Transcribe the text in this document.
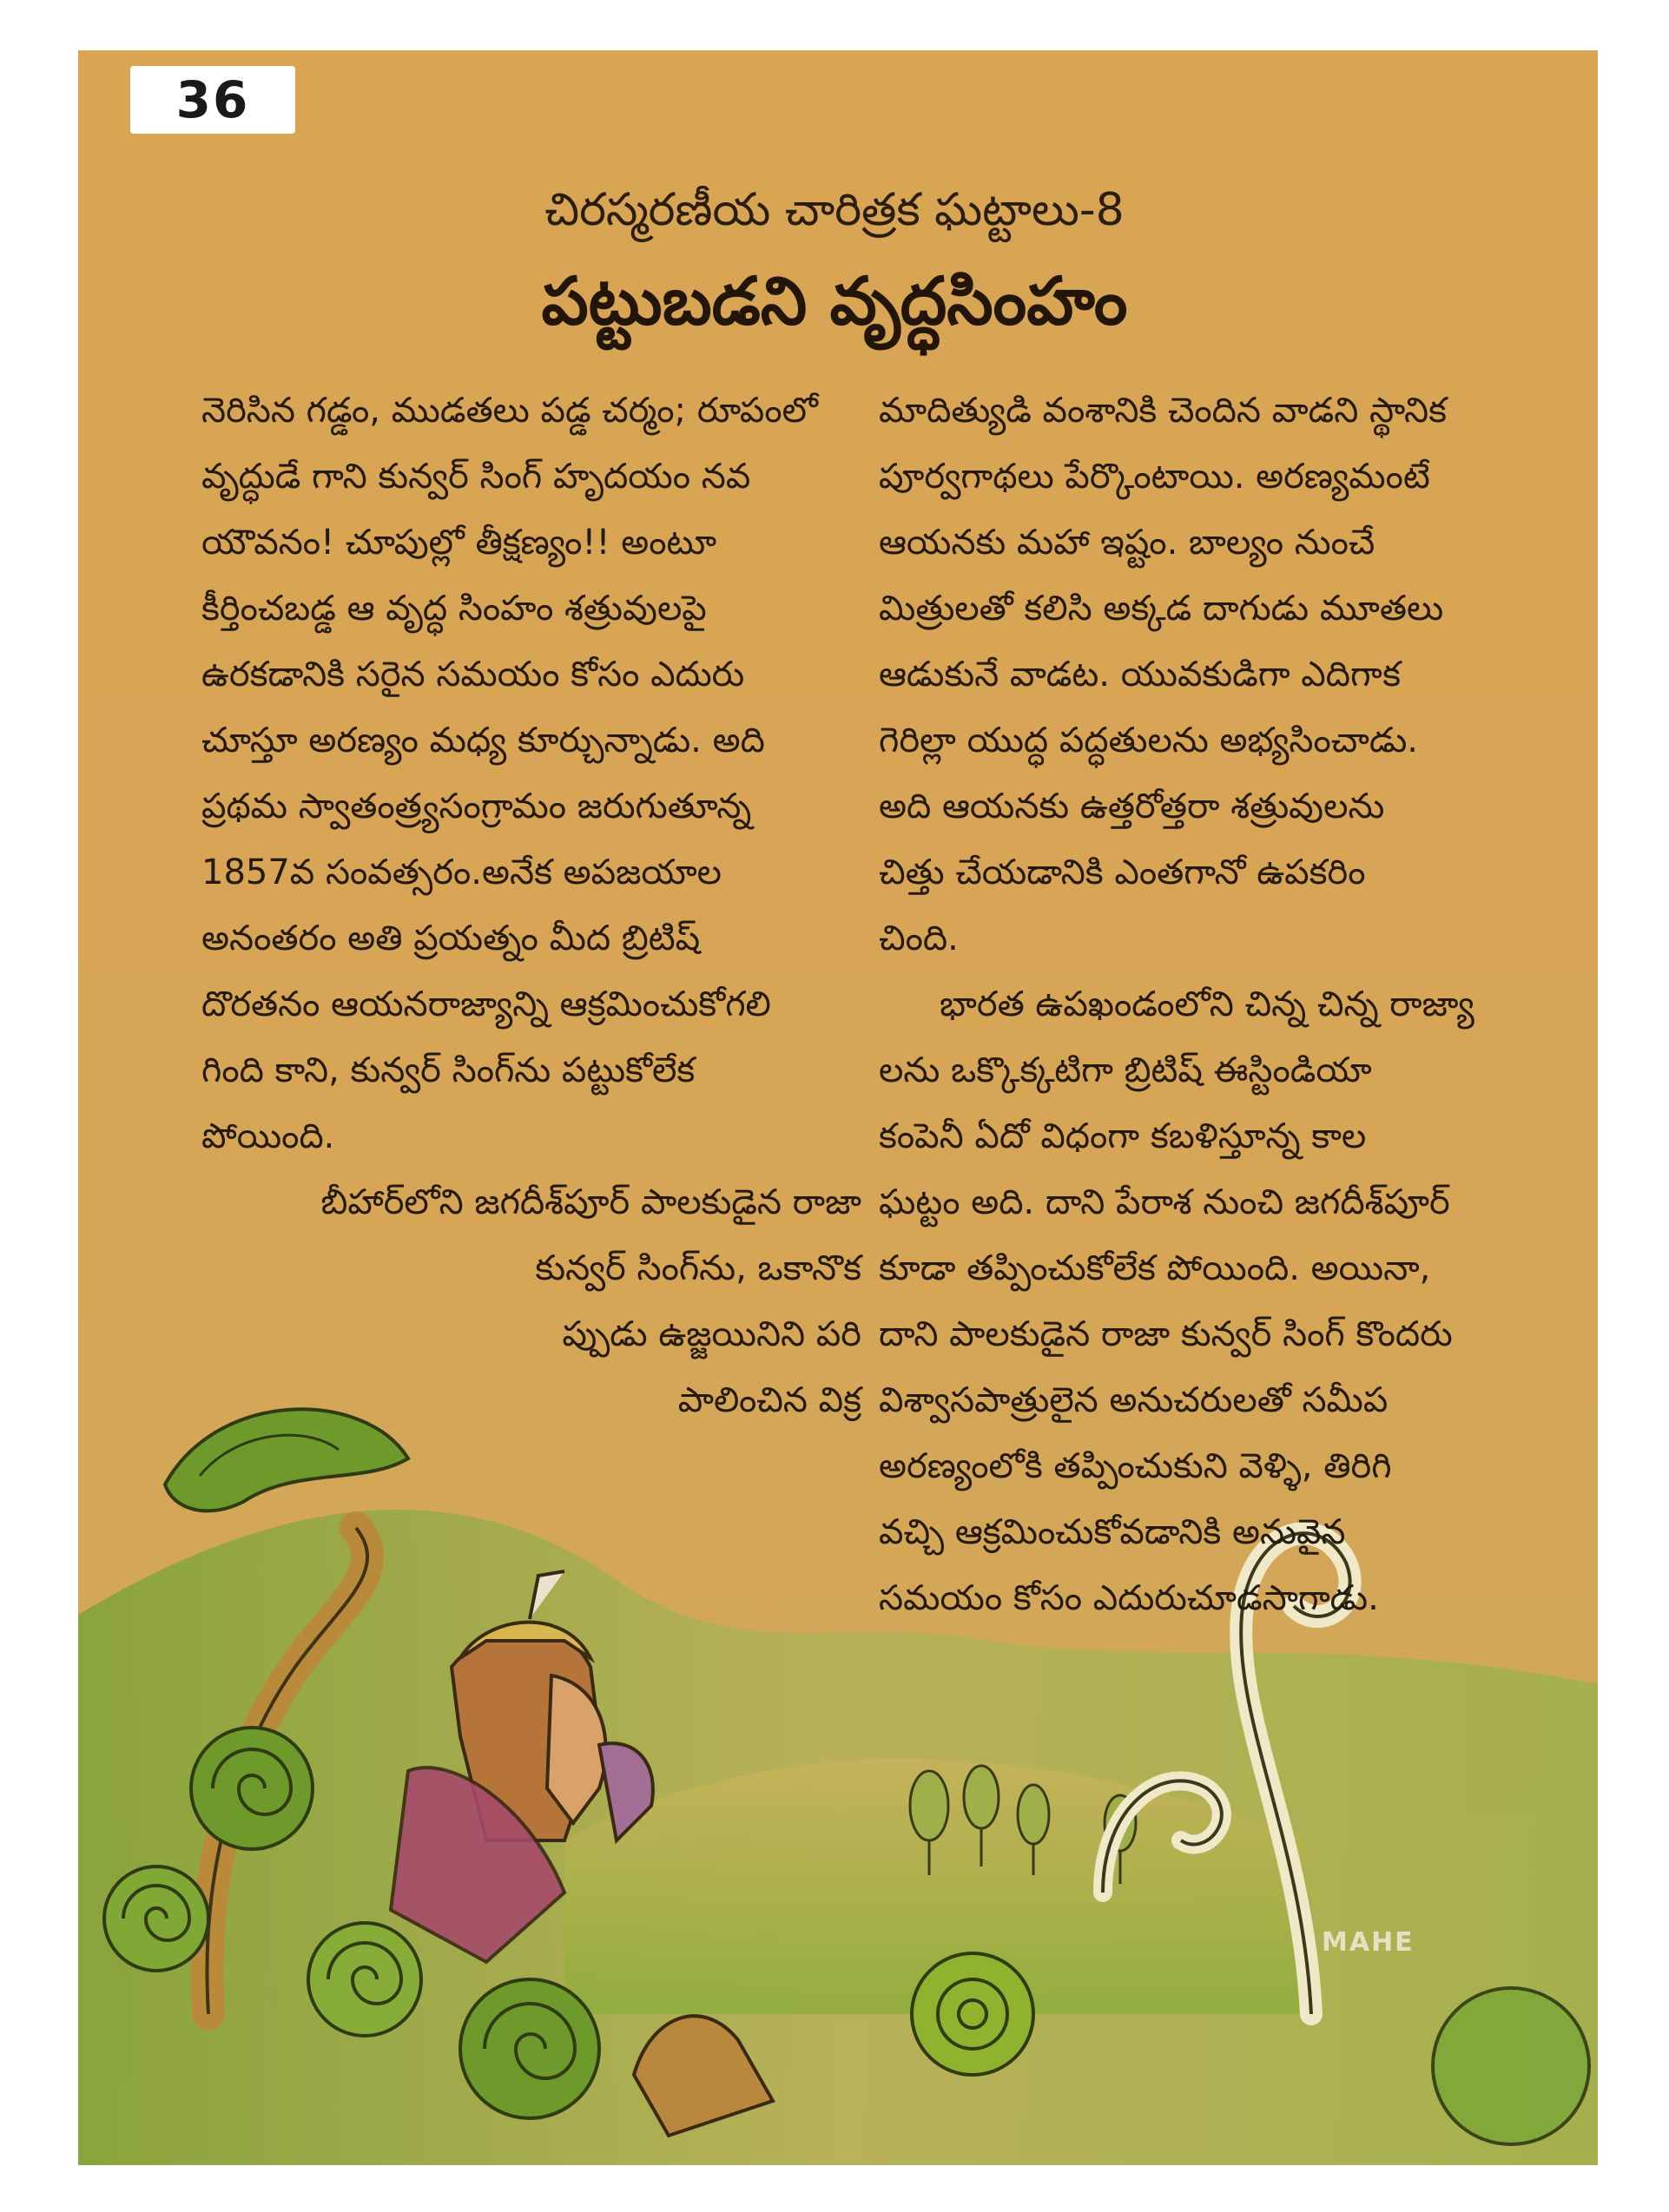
36
చిరస్మరణీయ చారిత్రక ఘట్టాలు-8
పట్టుబడని వృద్ధసింహం

నెరిసిన గడ్డం, ముడతలు పడ్డ చర్మం; రూపంలో

వృద్ధుడే గాని కున్వర్ సింగ్ హృదయం నవ

యౌవనం! చూపుల్లో తీక్షణ్యం!! అంటూ

కీర్తించబడ్డ ఆ వృద్ధ సింహం శత్రువులపై

ఉరకడానికి సరైన సమయం కోసం ఎదురు

చూస్తూ అరణ్యం మధ్య కూర్చున్నాడు. అది

ప్రథమ స్వాతంత్ర్యసంగ్రామం జరుగుతూన్న

1857వ సంవత్సరం.అనేక అపజయాల

అనంతరం అతి ప్రయత్నం మీద బ్రిటిష్

దొరతనం ఆయనరాజ్యాన్ని ఆక్రమించుకోగలి

గింది కాని, కున్వర్ సింగ్‌ను పట్టుకోలేక

పోయింది.

బీహార్‌లోని జగదీశ్‌పూర్ పాలకుడైన రాజా

కున్వర్ సింగ్‌ను, ఒకానొక

ప్పుడు ఉజ్జయినిని పరి

పాలించిన విక్ర

మాదిత్యుడి వంశానికి చెందిన వాడని స్థానిక

పూర్వగాథలు పేర్కొంటాయి. అరణ్యమంటే

ఆయనకు మహా ఇష్టం. బాల్యం నుంచే

మిత్రులతో కలిసి అక్కడ దాగుడు మూతలు

ఆడుకునే వాడట. యువకుడిగా ఎదిగాక

గెరిల్లా యుద్ధ పద్ధతులను అభ్యసించాడు.

అది ఆయనకు ఉత్తరోత్తరా శత్రువులను

చిత్తు చేయడానికి ఎంతగానో ఉపకరిం

చింది.

భారత ఉపఖండంలోని చిన్న చిన్న రాజ్యా

లను ఒక్కొక్కటిగా బ్రిటిష్ ఈస్టిండియా

కంపెనీ ఏదో విధంగా కబళిస్తూన్న కాల

ఘట్టం అది. దాని పేరాశ నుంచి జగదీశ్‌పూర్

కూడా తప్పించుకోలేక పోయింది. అయినా,

దాని పాలకుడైన రాజా కున్వర్ సింగ్ కొందరు

విశ్వాసపాత్రులైన అనుచరులతో సమీప

అరణ్యంలోకి తప్పించుకుని వెళ్ళి, తిరిగి

వచ్చి ఆక్రమించుకోవడానికి అనువైన

సమయం కోసం ఎదురుచూడసాగాడు.

MAHE
